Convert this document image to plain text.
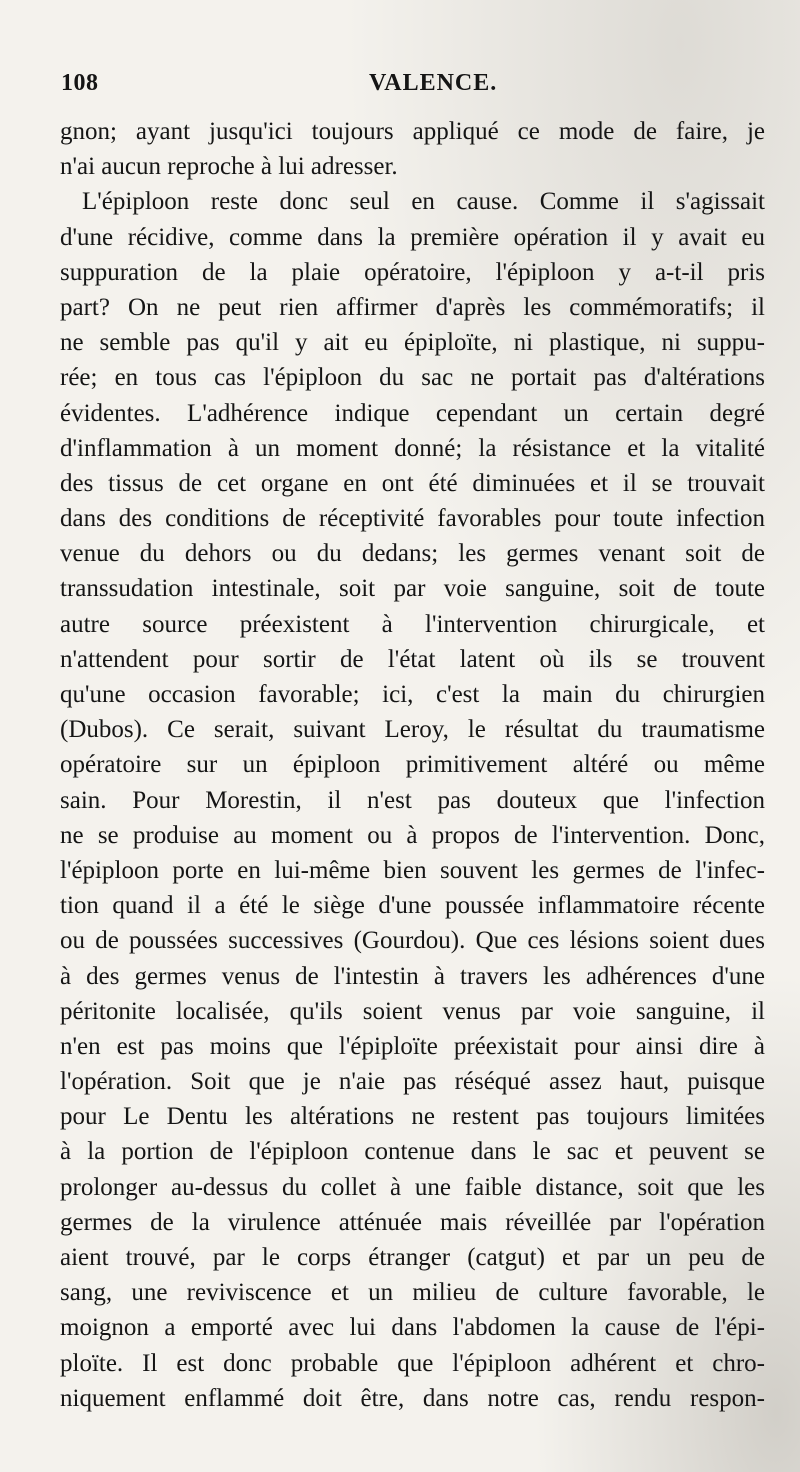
108	VALENCE.
gnon; ayant jusqu'ici toujours appliqué ce mode de faire, je
n'ai aucun reproche à lui adresser.
L'épiploon reste donc seul en cause. Comme il s'agissait
d'une récidive, comme dans la première opération il y avait eu
suppuration de la plaie opératoire, l'épiploon y a-t-il pris
part? On ne peut rien affirmer d'après les commémoratifs; il
ne semble pas qu'il y ait eu épiploïte, ni plastique, ni suppu-
rée; en tous cas l'épiploon du sac ne portait pas d'altérations
évidentes. L'adhérence indique cependant un certain degré
d'inflammation à un moment donné; la résistance et la vitalité
des tissus de cet organe en ont été diminuées et il se trouvait
dans des conditions de réceptivité favorables pour toute infection
venue du dehors ou du dedans; les germes venant soit de
transsudation intestinale, soit par voie sanguine, soit de toute
autre source préexistent à l'intervention chirurgicale, et
n'attendent pour sortir de l'état latent où ils se trouvent
qu'une occasion favorable; ici, c'est la main du chirurgien
(Dubos). Ce serait, suivant Leroy, le résultat du traumatisme
opératoire sur un épiploon primitivement altéré ou même
sain. Pour Morestin, il n'est pas douteux que l'infection
ne se produise au moment ou à propos de l'intervention. Donc,
l'épiploon porte en lui-même bien souvent les germes de l'infec-
tion quand il a été le siège d'une poussée inflammatoire récente
ou de poussées successives (Gourdou). Que ces lésions soient dues
à des germes venus de l'intestin à travers les adhérences d'une
péritonite localisée, qu'ils soient venus par voie sanguine, il
n'en est pas moins que l'épiploïte préexistait pour ainsi dire à
l'opération. Soit que je n'aie pas réséqué assez haut, puisque
pour Le Dentu les altérations ne restent pas toujours limitées
à la portion de l'épiploon contenue dans le sac et peuvent se
prolonger au-dessus du collet à une faible distance, soit que les
germes de la virulence atténuée mais réveillée par l'opération
aient trouvé, par le corps étranger (catgut) et par un peu de
sang, une reviviscence et un milieu de culture favorable, le
moignon a emporté avec lui dans l'abdomen la cause de l'épi-
ploïte. Il est donc probable que l'épiploon adhérent et chro-
niquement enflammé doit être, dans notre cas, rendu respon-
